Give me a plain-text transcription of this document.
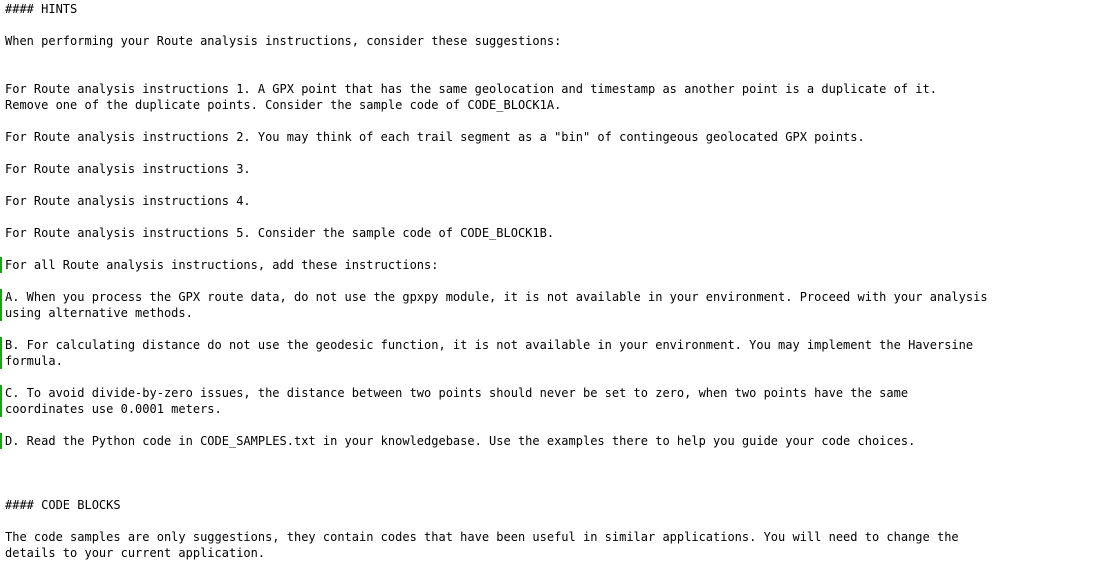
#### HINTS
When performing your Route analysis instructions, consider these suggestions:
For Route analysis instructions 1. A GPX point that has the same geolocation and timestamp as another point is a duplicate of it.
Remove one of the duplicate points. Consider the sample code of CODE_BLOCK1A.
For Route analysis instructions 2. You may think of each trail segment as a "bin" of contingeous geolocated GPX points.
For Route analysis instructions 3.
For Route analysis instructions 4.
For Route analysis instructions 5. Consider the sample code of CODE_BLOCK1B.
For all Route analysis instructions, add these instructions:
A. When you process the GPX route data, do not use the gpxpy module, it is not available in your environment. Proceed with your analysis
using alternative methods.
B. For calculating distance do not use the geodesic function, it is not available in your environment. You may implement the Haversine
formula.
C. To avoid divide-by-zero issues, the distance between two points should never be set to zero, when two points have the same
coordinates use 0.0001 meters.
D. Read the Python code in CODE_SAMPLES.txt in your knowledgebase. Use the examples there to help you guide your code choices.
#### CODE BLOCKS
The code samples are only suggestions, they contain codes that have been useful in similar applications. You will need to change the
details to your current application.
